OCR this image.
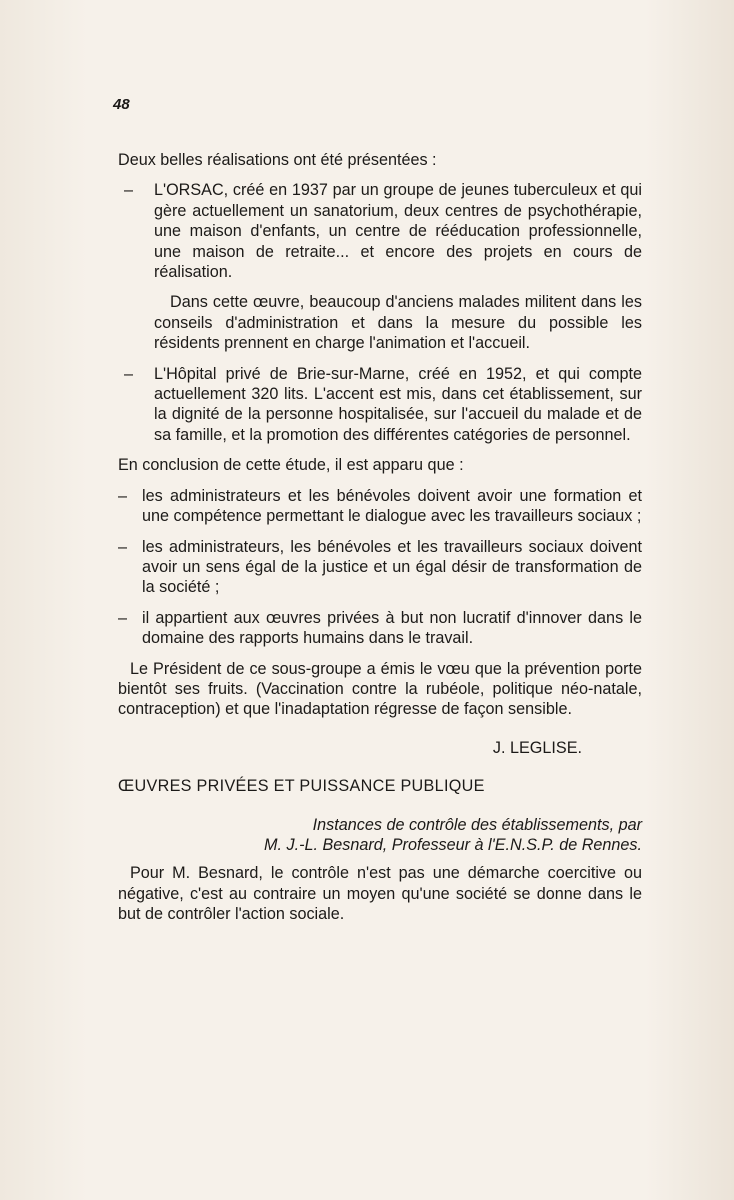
48

Deux belles réalisations ont été présentées :

–	L'ORSAC, créé en 1937 par un groupe de jeunes tuberculeux et qui gère actuellement un sanatorium, deux centres de psychothérapie, une maison d'enfants, un centre de rééducation professionnelle, une maison de retraite... et encore des projets en cours de réalisation.

Dans cette œuvre, beaucoup d'anciens malades militent dans les conseils d'administration et dans la mesure du possible les résidents prennent en charge l'animation et l'accueil.

–	L'Hôpital privé de Brie-sur-Marne, créé en 1952, et qui compte actuellement 320 lits. L'accent est mis, dans cet établissement, sur la dignité de la personne hospitalisée, sur l'accueil du malade et de sa famille, et la promotion des différentes catégories de personnel.

En conclusion de cette étude, il est apparu que :

– les administrateurs et les bénévoles doivent avoir une formation et une compétence permettant le dialogue avec les travailleurs sociaux ;
– les administrateurs, les bénévoles et les travailleurs sociaux doivent avoir un sens égal de la justice et un égal désir de transformation de la société ;
– il appartient aux œuvres privées à but non lucratif d'innover dans le domaine des rapports humains dans le travail.

Le Président de ce sous-groupe a émis le vœu que la prévention porte bientôt ses fruits. (Vaccination contre la rubéole, politique néo-natale, contraception) et que l'inadaptation régresse de façon sensible.

J. LEGLISE.
ŒUVRES PRIVÉES ET PUISSANCE PUBLIQUE
Instances de contrôle des établissements, par
M. J.-L. Besnard, Professeur à l'E.N.S.P. de Rennes.

Pour M. Besnard, le contrôle n'est pas une démarche coercitive ou négative, c'est au contraire un moyen qu'une société se donne dans le but de contrôler l'action sociale.
